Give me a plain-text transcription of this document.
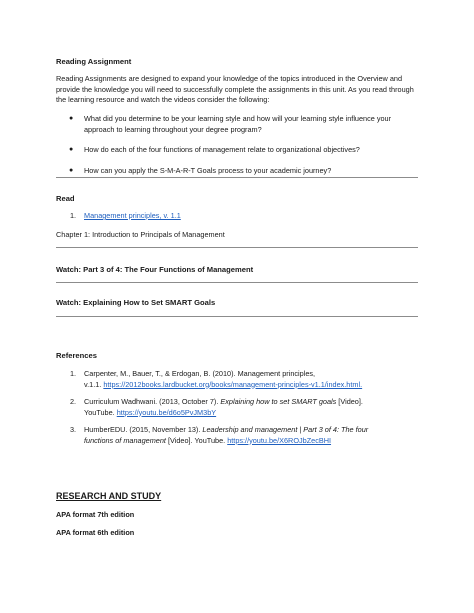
Reading Assignment
Reading Assignments are designed to expand your knowledge of the topics introduced in the Overview and provide the knowledge you will need to successfully complete the assignments in this unit. As you read through the learning resource and watch the videos consider the following:
● What did you determine to be your learning style and how will your learning style influence your approach to learning throughout your degree program?
● How do each of the four functions of management relate to organizational objectives?
● How can you apply the S-M-A-R-T Goals process to your academic journey?
Read
1. Management principles, v. 1.1
Chapter 1: Introduction to Principals of Management
Watch: Part 3 of 4: The Four Functions of Management
Watch: Explaining How to Set SMART Goals
References
1. Carpenter, M., Bauer, T., & Erdogan, B. (2010). Management principles,
v.1.1. https://2012books.lardbucket.org/books/management-principles-v1.1/index.html.
2. Curriculum Wadhwani. (2013, October 7). Explaining how to set SMART goals [Video].
YouTube. https://youtu.be/d6o5PvJM3bY
3. HumberEDU. (2015, November 13). Leadership and management | Part 3 of 4: The four
functions of management [Video]. YouTube. https://youtu.be/X6ROJbZecBHI
RESEARCH AND STUDY
APA format 7th edition
APA format 6th edition
